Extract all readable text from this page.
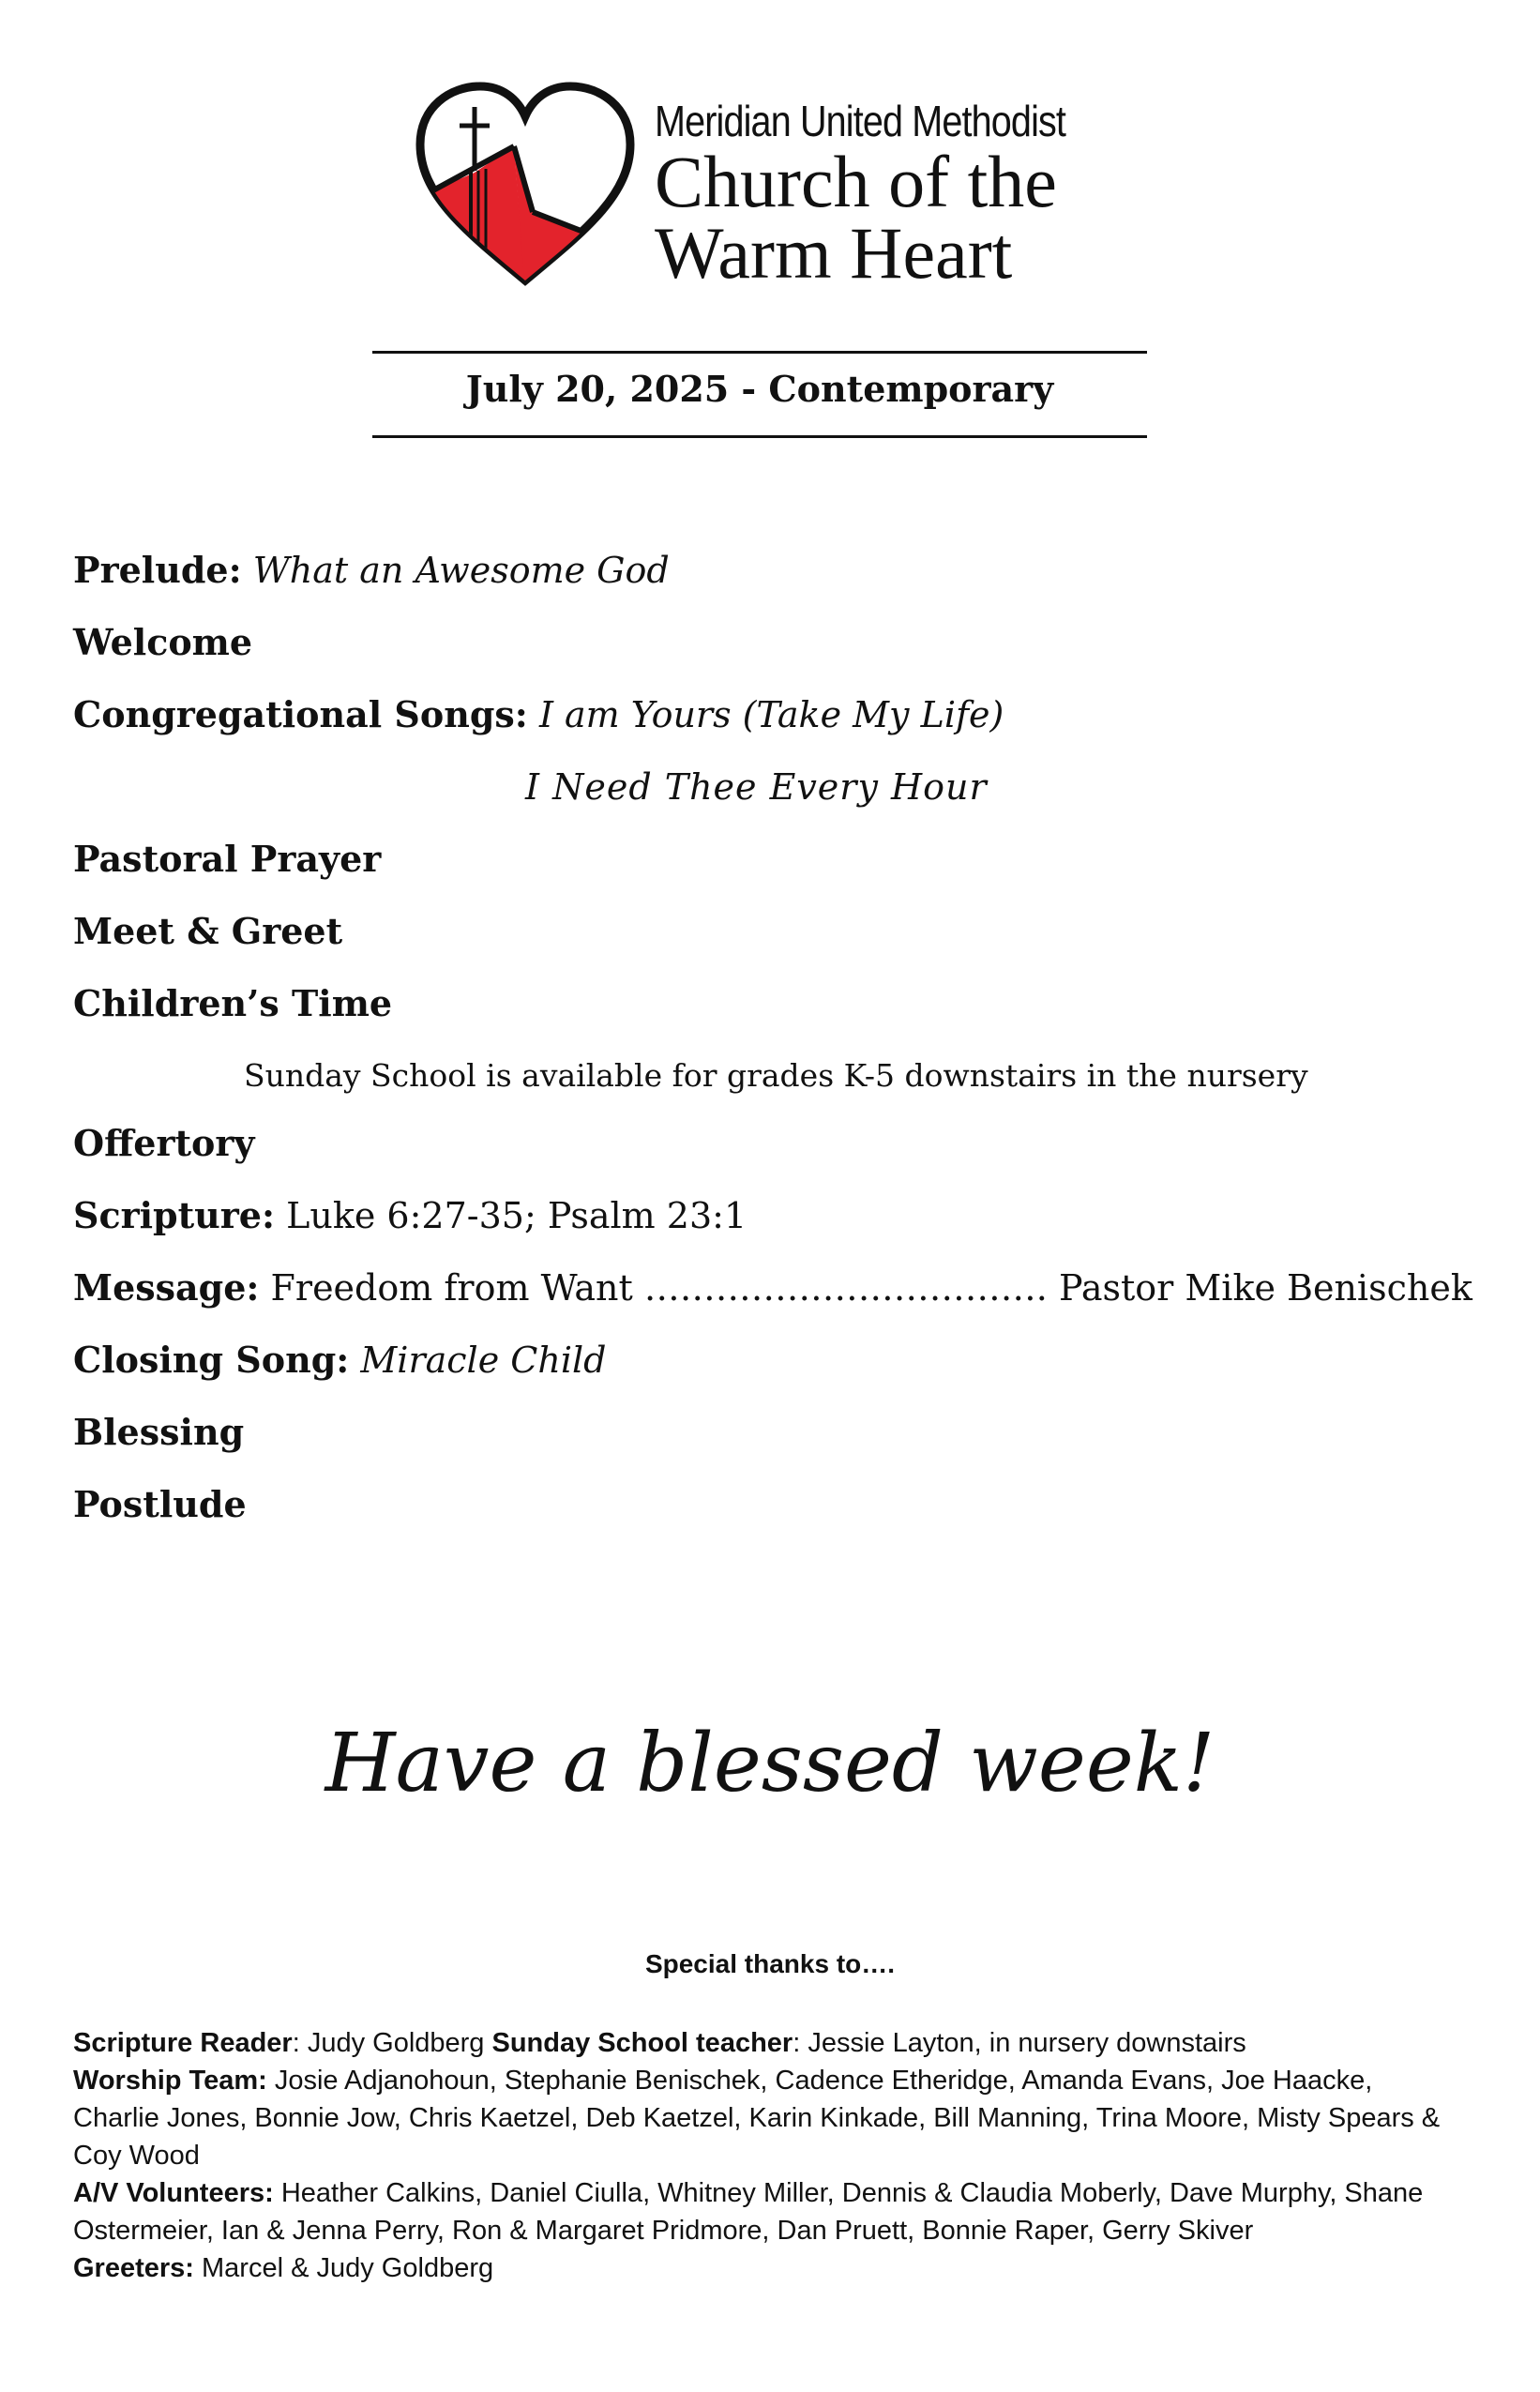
Meridian United Methodist
Church of the
Warm Heart
July 20, 2025 - Contemporary
Prelude: What an Awesome God
Welcome
Congregational Songs: I am Yours (Take My Life)
I Need Thee Every Hour
Pastoral Prayer
Meet & Greet
Children’s Time
Sunday School is available for grades K-5 downstairs in the nursery
Offertory
Scripture: Luke 6:27-35; Psalm 23:1
Message: Freedom from Want ……………………………. Pastor Mike Benischek
Closing Song: Miracle Child
Blessing
Postlude
Have a blessed week!
Special thanks to….
Scripture Reader: Judy Goldberg Sunday School teacher: Jessie Layton, in nursery downstairs
Worship Team: Josie Adjanohoun, Stephanie Benischek, Cadence Etheridge, Amanda Evans, Joe Haacke, Charlie Jones, Bonnie Jow, Chris Kaetzel, Deb Kaetzel, Karin Kinkade, Bill Manning, Trina Moore, Misty Spears & Coy Wood
A/V Volunteers: Heather Calkins, Daniel Ciulla, Whitney Miller, Dennis & Claudia Moberly, Dave Murphy, Shane Ostermeier, Ian & Jenna Perry, Ron & Margaret Pridmore, Dan Pruett, Bonnie Raper, Gerry Skiver
Greeters: Marcel & Judy Goldberg
